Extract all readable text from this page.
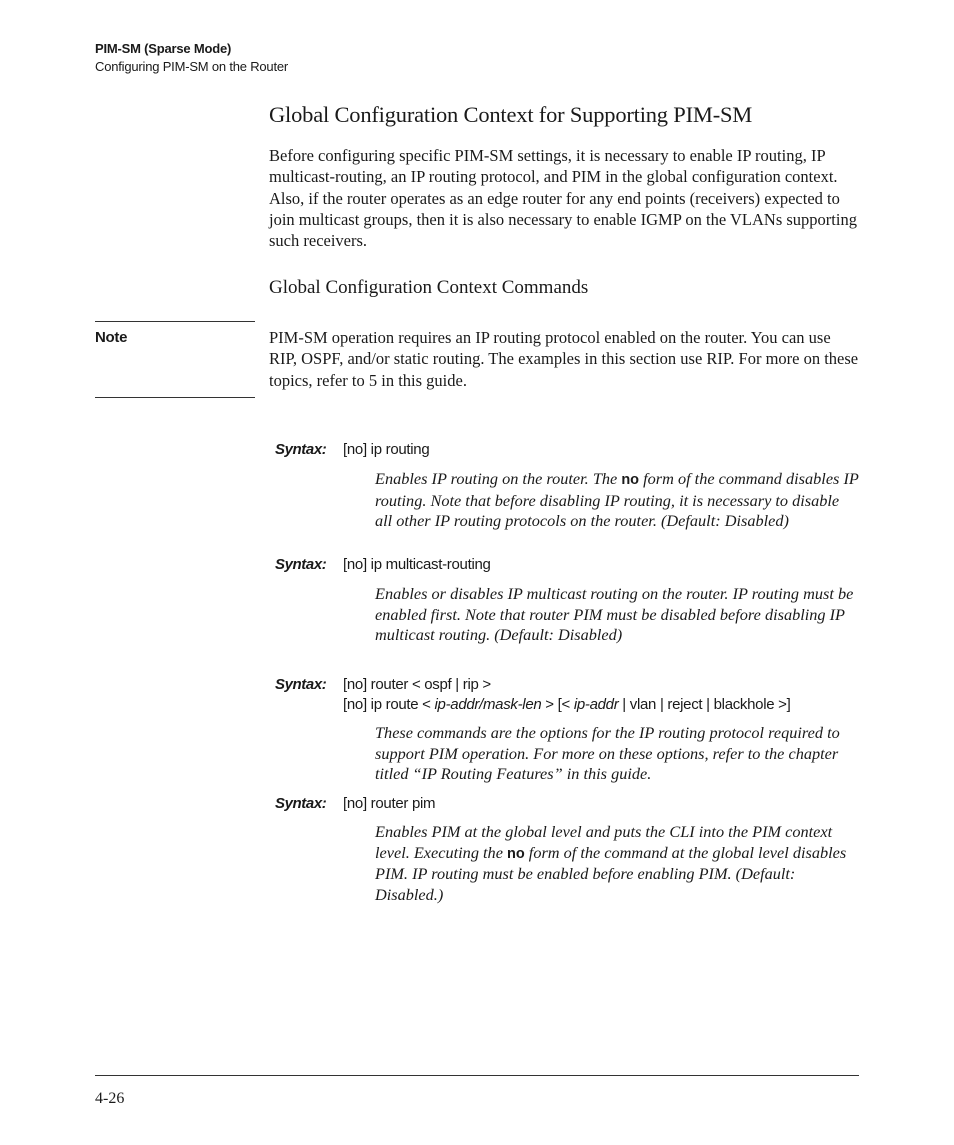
PIM-SM (Sparse Mode)
Configuring PIM-SM on the Router
Global Configuration Context for Supporting PIM-SM
Before configuring specific PIM-SM settings, it is necessary to enable IP routing, IP multicast-routing, an IP routing protocol, and PIM in the global configuration context. Also, if the router operates as an edge router for any end points (receivers) expected to join multicast groups, then it is also necessary to enable IGMP on the VLANs supporting such receivers.
Global Configuration Context Commands
Note	PIM-SM operation requires an IP routing protocol enabled on the router. You can use RIP, OSPF, and/or static routing. The examples in this section use RIP. For more on these topics, refer to 5 in this guide.
Syntax: [no] ip routing
Enables IP routing on the router. The no form of the command disables IP routing. Note that before disabling IP routing, it is necessary to disable all other IP routing protocols on the router. (Default: Disabled)
Syntax: [no] ip multicast-routing
Enables or disables IP multicast routing on the router. IP routing must be enabled first. Note that router PIM must be disabled before disabling IP multicast routing. (Default: Disabled)
Syntax: [no] router < ospf | rip >
[no] ip route < ip-addr/mask-len > [< ip-addr | vlan | reject | blackhole >]
These commands are the options for the IP routing protocol required to support PIM operation. For more on these options, refer to the chapter titled “IP Routing Features” in this guide.
Syntax: [no] router pim
Enables PIM at the global level and puts the CLI into the PIM context level. Executing the no form of the command at the global level disables PIM. IP routing must be enabled before enabling PIM. (Default: Disabled.)
4-26
